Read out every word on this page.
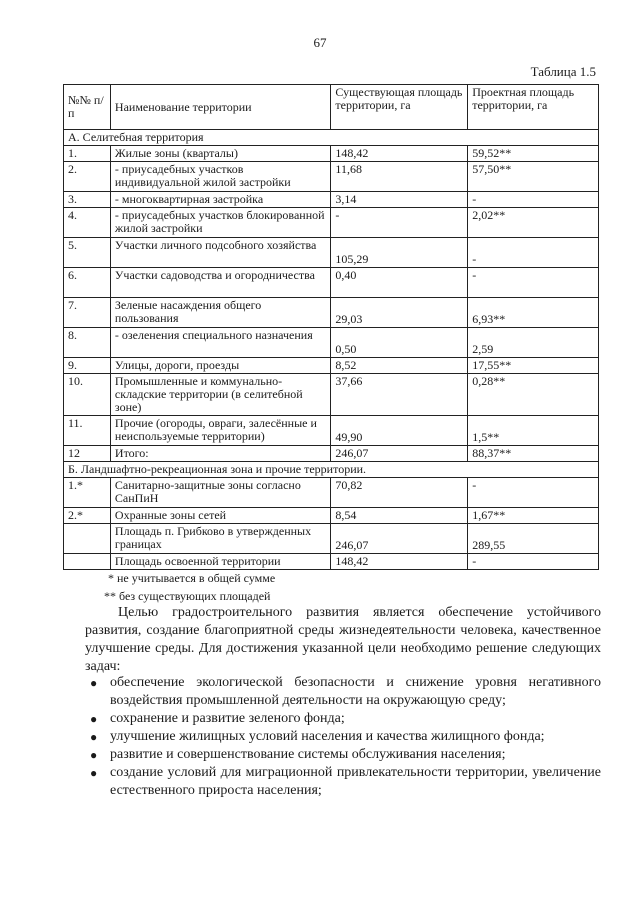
67
Таблица 1.5
№№ п/п	Наименование территории	Существующая площадь территории, га	Проектная площадь территории, га
А. Селитебная территория			
1.	Жилые зоны (кварталы)	148,42	59,52**
2.	- приусадебных участков индивидуальной жилой застройки	11,68	57,50**
3.	- многоквартирная застройка	3,14	-
4.	- приусадебных участков блокированной жилой застройки	-	2,02**
5.	Участки личного подсобного хозяйства	105,29	-
6.	Участки садоводства и огородничества	0,40	-
7.	Зеленые насаждения общего пользования	29,03	6,93**
8.	- озеленения специального назначения	0,50	2,59
9.	Улицы, дороги, проезды	8,52	17,55**
10.	Промышленные и коммунально-складские территории (в селитебной зоне)	37,66	0,28**
11.	Прочие (огороды, овраги, залесённые и неиспользуемые территории)	49,90	1,5**
12	Итого:	246,07	88,37**
Б. Ландшафтно-рекреационная зона и прочие территории.			
1.*	Санитарно-защитные зоны согласно СанПиН	70,82	-
2.*	Охранные зоны сетей	8,54	1,67**
	Площадь п. Грибково в утвержденных границах	246,07	289,55
	Площадь освоенной территории	148,42	-
* не учитывается в общей сумме
** без существующих площадей

Целью градостроительного развития является обеспечение устойчивого развития, создание благоприятной среды жизнедеятельности человека, качественное улучшение среды. Для достижения указанной цели необходимо решение следующих задач:

● обеспечение экологической безопасности и снижение уровня негативного воздействия промышленной деятельности на окружающую среду;
● сохранение и развитие зеленого фонда;
● улучшение жилищных условий населения и качества жилищного фонда;
● развитие и совершенствование системы обслуживания населения;
● создание условий для миграционной привлекательности территории, увеличение естественного прироста населения;
